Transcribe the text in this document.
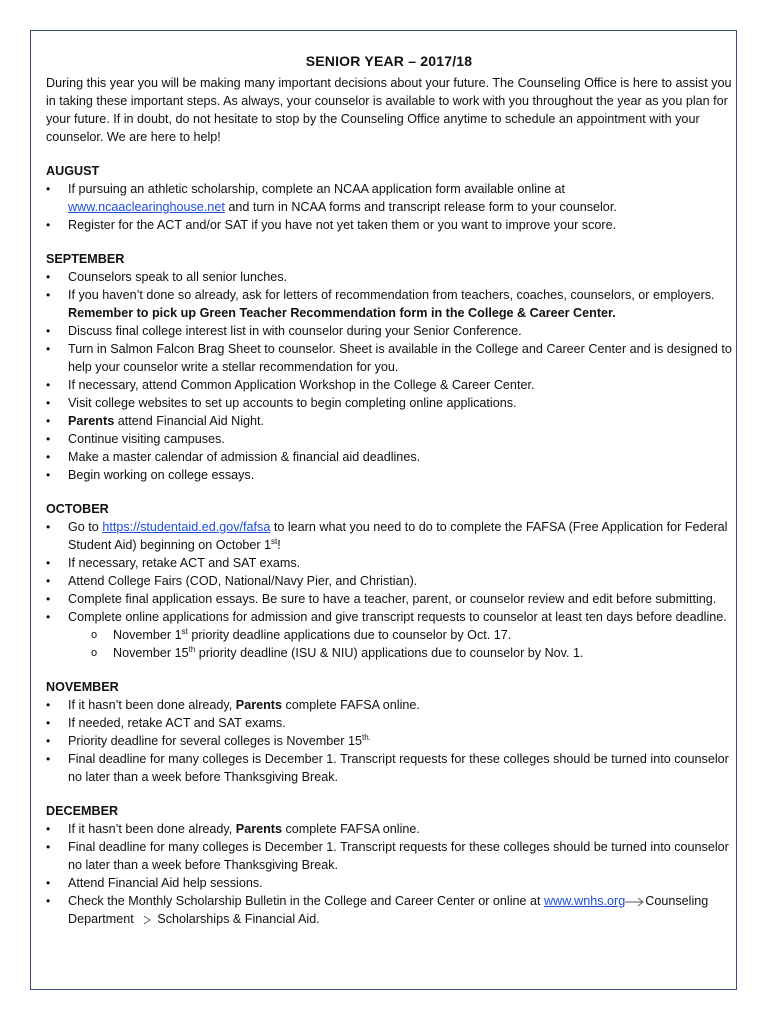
SENIOR YEAR – 2017/18

During this year you will be making many important decisions about your future. The Counseling Office is here to assist you in taking these important steps. As always, your counselor is available to work with you throughout the year as you plan for your future. If in doubt, do not hesitate to stop by the Counseling Office anytime to schedule an appointment with your counselor. We are here to help!

AUGUST

• If pursuing an athletic scholarship, complete an NCAA application form available online at
www.ncaaclearinghouse.net and turn in NCAA forms and transcript release form to your counselor.
• Register for the ACT and/or SAT if you have not yet taken them or you want to improve your score.

SEPTEMBER

• Counselors speak to all senior lunches.
• If you haven’t done so already, ask for letters of recommendation from teachers, coaches, counselors, or employers.
Remember to pick up Green Teacher Recommendation form in the College & Career Center.
• Discuss final college interest list in with counselor during your Senior Conference.
• Turn in Salmon Falcon Brag Sheet to counselor. Sheet is available in the College and Career Center and is designed to help your counselor write a stellar recommendation for you.
• If necessary, attend Common Application Workshop in the College & Career Center.
• Visit college websites to set up accounts to begin completing online applications.
• Parents attend Financial Aid Night.
• Continue visiting campuses.
• Make a master calendar of admission & financial aid deadlines.
• Begin working on college essays.

OCTOBER

• Go to https://studentaid.ed.gov/fafsa to learn what you need to do to complete the FAFSA (Free Application for Federal Student Aid) beginning on October 1st!
• If necessary, retake ACT and SAT exams.
• Attend College Fairs (COD, National/Navy Pier, and Christian).
• Complete final application essays. Be sure to have a teacher, parent, or counselor review and edit before submitting.
• Complete online applications for admission and give transcript requests to counselor at least ten days before deadline.
o November 1st priority deadline applications due to counselor by Oct. 17.
o November 15th priority deadline (ISU & NIU) applications due to counselor by Nov. 1.

NOVEMBER

• If it hasn’t been done already, Parents complete FAFSA online.
• If needed, retake ACT and SAT exams.
• Priority deadline for several colleges is November $15^{th.}$
• Final deadline for many colleges is December 1. Transcript requests for these colleges should be turned into counselor no later than a week before Thanksgiving Break.

DECEMBER

• If it hasn’t been done already, Parents complete FAFSA online.
• Final deadline for many colleges is December 1. Transcript requests for these colleges should be turned into counselor no later than a week before Thanksgiving Break.
• Attend Financial Aid help sessions.
• Check the Monthly Scholarship Bulletin in the College and Career Center or online at www.wnhs.org Counseling Department Scholarships & Financial Aid.
